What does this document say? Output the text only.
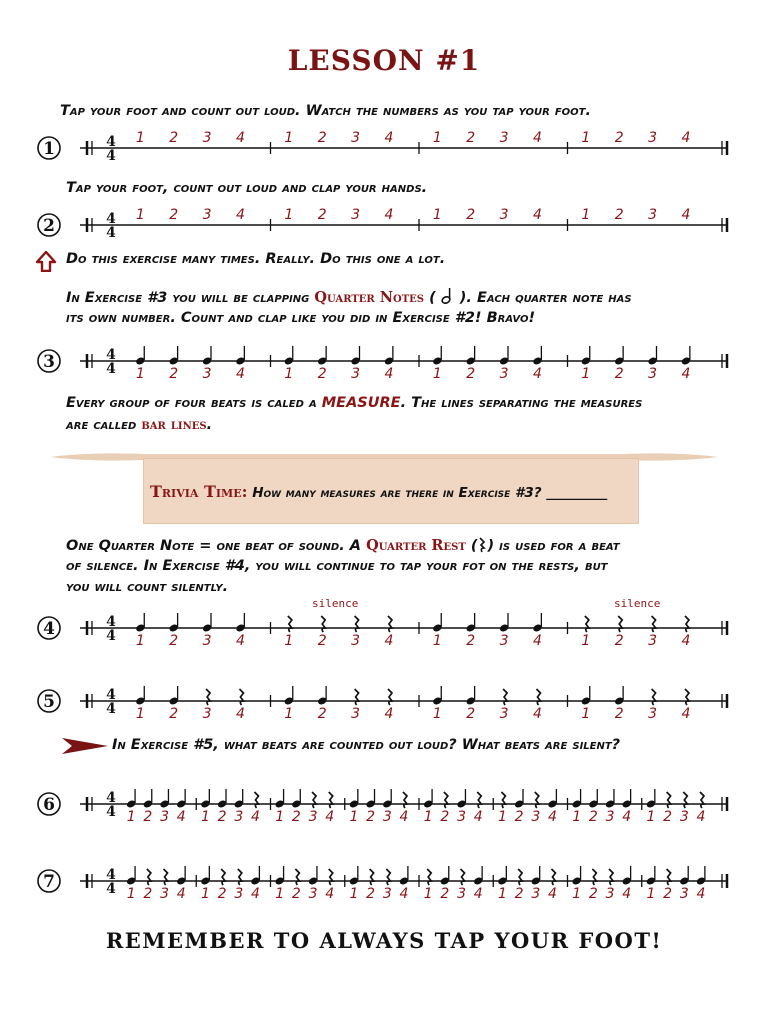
LESSON #1
Tap your foot and count out loud. Watch the numbers as you tap your foot.
1	4
4
1 2 3 4	1 2 3 4	1 2 3 4	1 2 3 4
Tap your foot, count out loud and clap your hands.
2	4
4
1 2 3 4	1 2 3 4	1 2 3 4	1 2 3 4
Do this exercise many times. Really. Do this one a lot.
In Exercise #3 you will be clapping Quarter Notes (  ). Each quarter note has
its own number. Count and clap like you did in Exercise #2! Bravo!
3	4
4 1 2 3 4	1 2 3 4	1 2 3 4	1 2 3 4
Every group of four beats is caled a MEASURE. The lines separating the measures
are called bar lines.
Trivia Time: How many measures are there in Exercise #3? _________
One Quarter Note = one beat of sound. A Quarter Rest ( ) is used for a beat
of silence. In Exercise #4, you will continue to tap your fot on the rests, but
you will count silently.
silence	silence
4	4
4 1 2 3 4	1 2 3 4	1 2 3 4	1 2 3 4
5	4
4 1 2 3 4	1 2 3 4	1 2 3 4	1 2 3 4
In Exercise #5, what beats are counted out loud? What beats are silent?
6	4
4 1 2 3 4 1 2 3 4 1 2 3 4 1 2 3 4 1 2 3 4 1 2 3 4 1 2 3 4 1 2 3 4
7	4
4 1 2 3 4 1 2 3 4 1 2 3 4 1 2 3 4 1 2 3 4 1 2 3 4 1 2 3 4 1 2 3 4
REMEMBER TO ALWAYS TAP YOUR FOOT!
